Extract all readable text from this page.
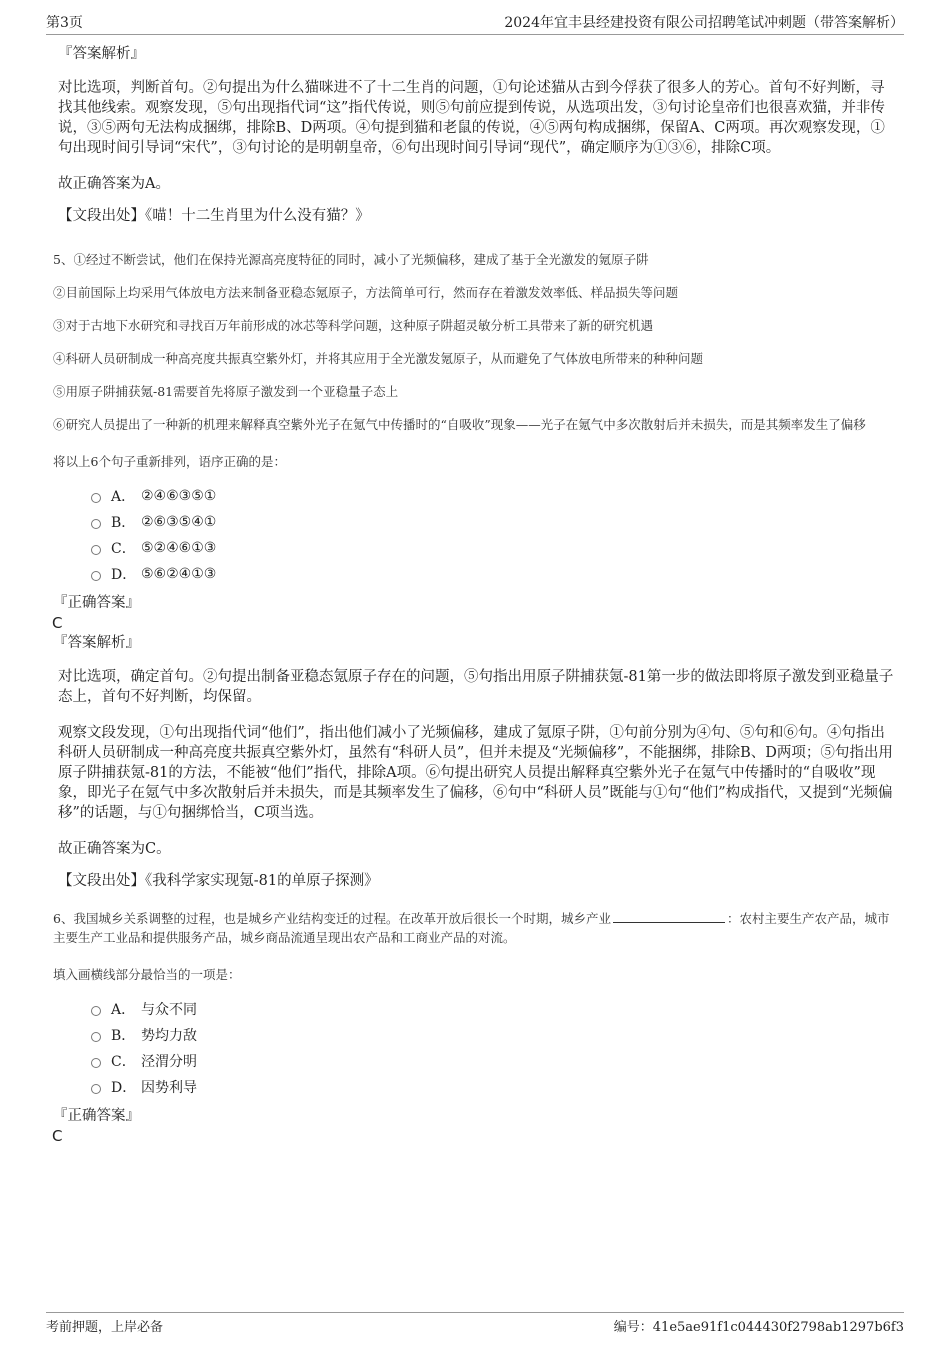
第3页	2024年宜丰县经建投资有限公司招聘笔试冲刺题（带答案解析）

『答案解析』

对比选项，判断首句。②句提出为什么猫咪进不了十二生肖的问题，①句论述猫从古到今俘获了很多人的芳心。首句不好判断，寻找其他线索。观察发现，⑤句出现指代词“这”指代传说，则⑤句前应提到传说，从选项出发，③句讨论皇帝们也很喜欢猫，并非传说，③⑤两句无法构成捆绑，排除B、D两项。④句提到猫和老鼠的传说，④⑤两句构成捆绑，保留A、C两项。再次观察发现，①句出现时间引导词“宋代”，③句讨论的是明朝皇帝，⑥句出现时间引导词“现代”，确定顺序为①③⑥，排除C项。

故正确答案为A。

【文段出处】《喵！十二生肖里为什么没有猫？》

5、①经过不断尝试，他们在保持光源高亮度特征的同时，减小了光频偏移，建成了基于全光激发的氪原子阱

②目前国际上均采用气体放电方法来制备亚稳态氪原子，方法简单可行，然而存在着激发效率低、样品损失等问题

③对于古地下水研究和寻找百万年前形成的冰芯等科学问题，这种原子阱超灵敏分析工具带来了新的研究机遇

④科研人员研制成一种高亮度共振真空紫外灯，并将其应用于全光激发氪原子，从而避免了气体放电所带来的种种问题

⑤用原子阱捕获氪-81需要首先将原子激发到一个亚稳量子态上

⑥研究人员提出了一种新的机理来解释真空紫外光子在氪气中传播时的“自吸收”现象——光子在氪气中多次散射后并未损失，而是其频率发生了偏移

将以上6个句子重新排列，语序正确的是：

A． ②④⑥③⑤①
B． ②⑥③⑤④①
C． ⑤②④⑥①③
D． ⑤⑥②④①③

『正确答案』

C

『答案解析』

对比选项，确定首句。②句提出制备亚稳态氪原子存在的问题，⑤句指出用原子阱捕获氪-81第一步的做法即将原子激发到亚稳量子态上，首句不好判断，均保留。

观察文段发现，①句出现指代词“他们”，指出他们减小了光频偏移，建成了氪原子阱，①句前分别为④句、⑤句和⑥句。④句指出科研人员研制成一种高亮度共振真空紫外灯，虽然有“科研人员”，但并未提及“光频偏移”，不能捆绑，排除B、D两项；⑤句指出用原子阱捕获氪-81的方法，不能被“他们”指代，排除A项。⑥句提出研究人员提出解释真空紫外光子在氪气中传播时的“自吸收”现象，即光子在氪气中多次散射后并未损失，而是其频率发生了偏移，⑥句中“科研人员”既能与①句“他们”构成指代，又提到“光频偏移”的话题，与①句捆绑恰当，C项当选。

故正确答案为C。

【文段出处】《我科学家实现氪-81的单原子探测》

6、我国城乡关系调整的过程，也是城乡产业结构变迁的过程。在改革开放后很长一个时期，城乡产业	：农村主要生产农产品，城市主要生产工业品和提供服务产品，城乡商品流通呈现出农产品和工商业产品的对流。

填入画横线部分最恰当的一项是：

A． 与众不同
B． 势均力敌
C． 泾渭分明
D． 因势利导

『正确答案』

C

考前押题，上岸必备	编号：41e5ae91f1c044430f2798ab1297b6f3
